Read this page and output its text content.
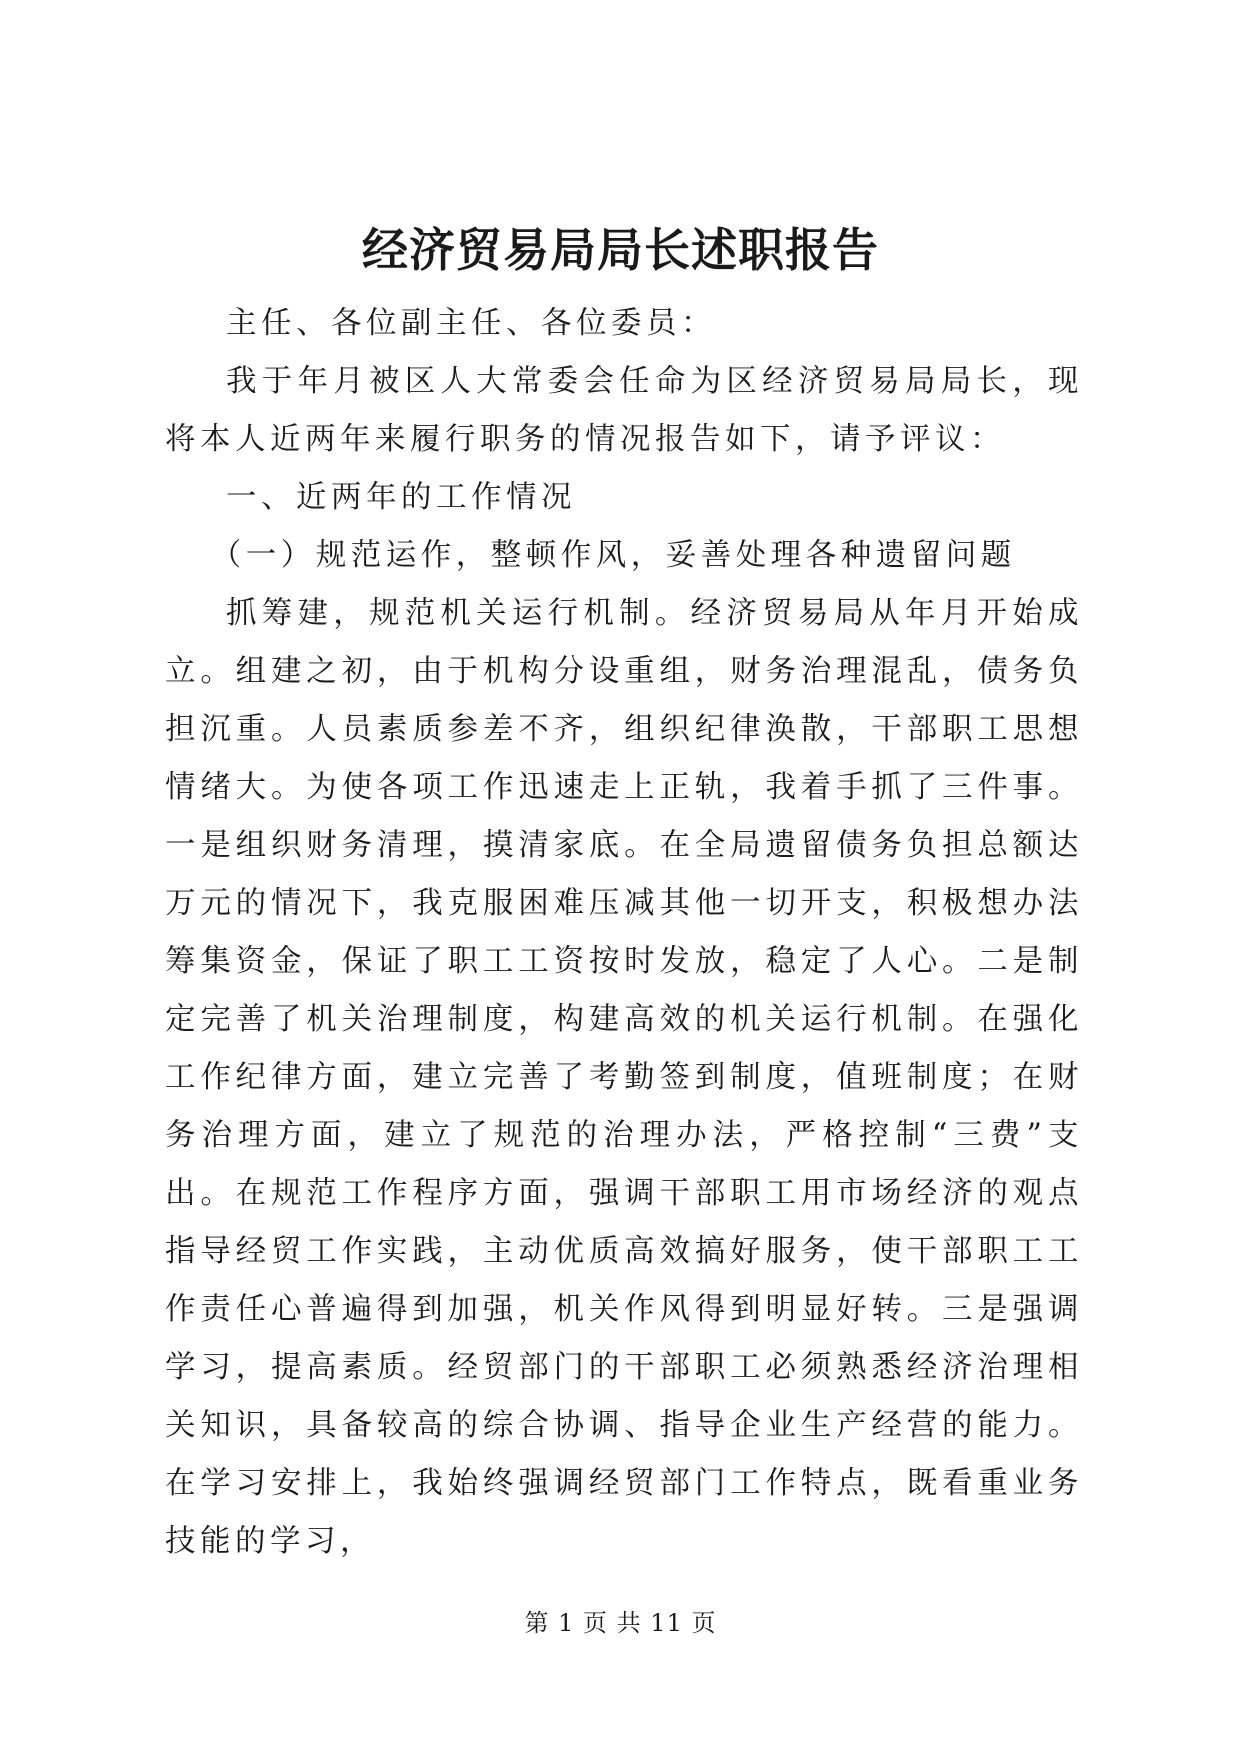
经济贸易局局长述职报告

主任、各位副主任、各位委员：

我于年月被区人大常委会任命为区经济贸易局局长，现将本人近两年来履行职务的情况报告如下，请予评议：

一、近两年的工作情况

（一）规范运作，整顿作风，妥善处理各种遗留问题

抓筹建，规范机关运行机制。经济贸易局从年月开始成立。组建之初，由于机构分设重组，财务治理混乱，债务负担沉重。人员素质参差不齐，组织纪律涣散，干部职工思想情绪大。为使各项工作迅速走上正轨，我着手抓了三件事。一是组织财务清理，摸清家底。在全局遗留债务负担总额达万元的情况下，我克服困难压减其他一切开支，积极想办法筹集资金，保证了职工工资按时发放，稳定了人心。二是制定完善了机关治理制度，构建高效的机关运行机制。在强化工作纪律方面，建立完善了考勤签到制度，值班制度；在财务治理方面，建立了规范的治理办法，严格控制“三费”支出。在规范工作程序方面，强调干部职工用市场经济的观点指导经贸工作实践，主动优质高效搞好服务，使干部职工工作责任心普遍得到加强，机关作风得到明显好转。三是强调学习，提高素质。经贸部门的干部职工必须熟悉经济治理相关知识，具备较高的综合协调、指导企业生产经营的能力。在学习安排上，我始终强调经贸部门工作特点，既看重业务技能的学习，

第 1 页 共 11 页
